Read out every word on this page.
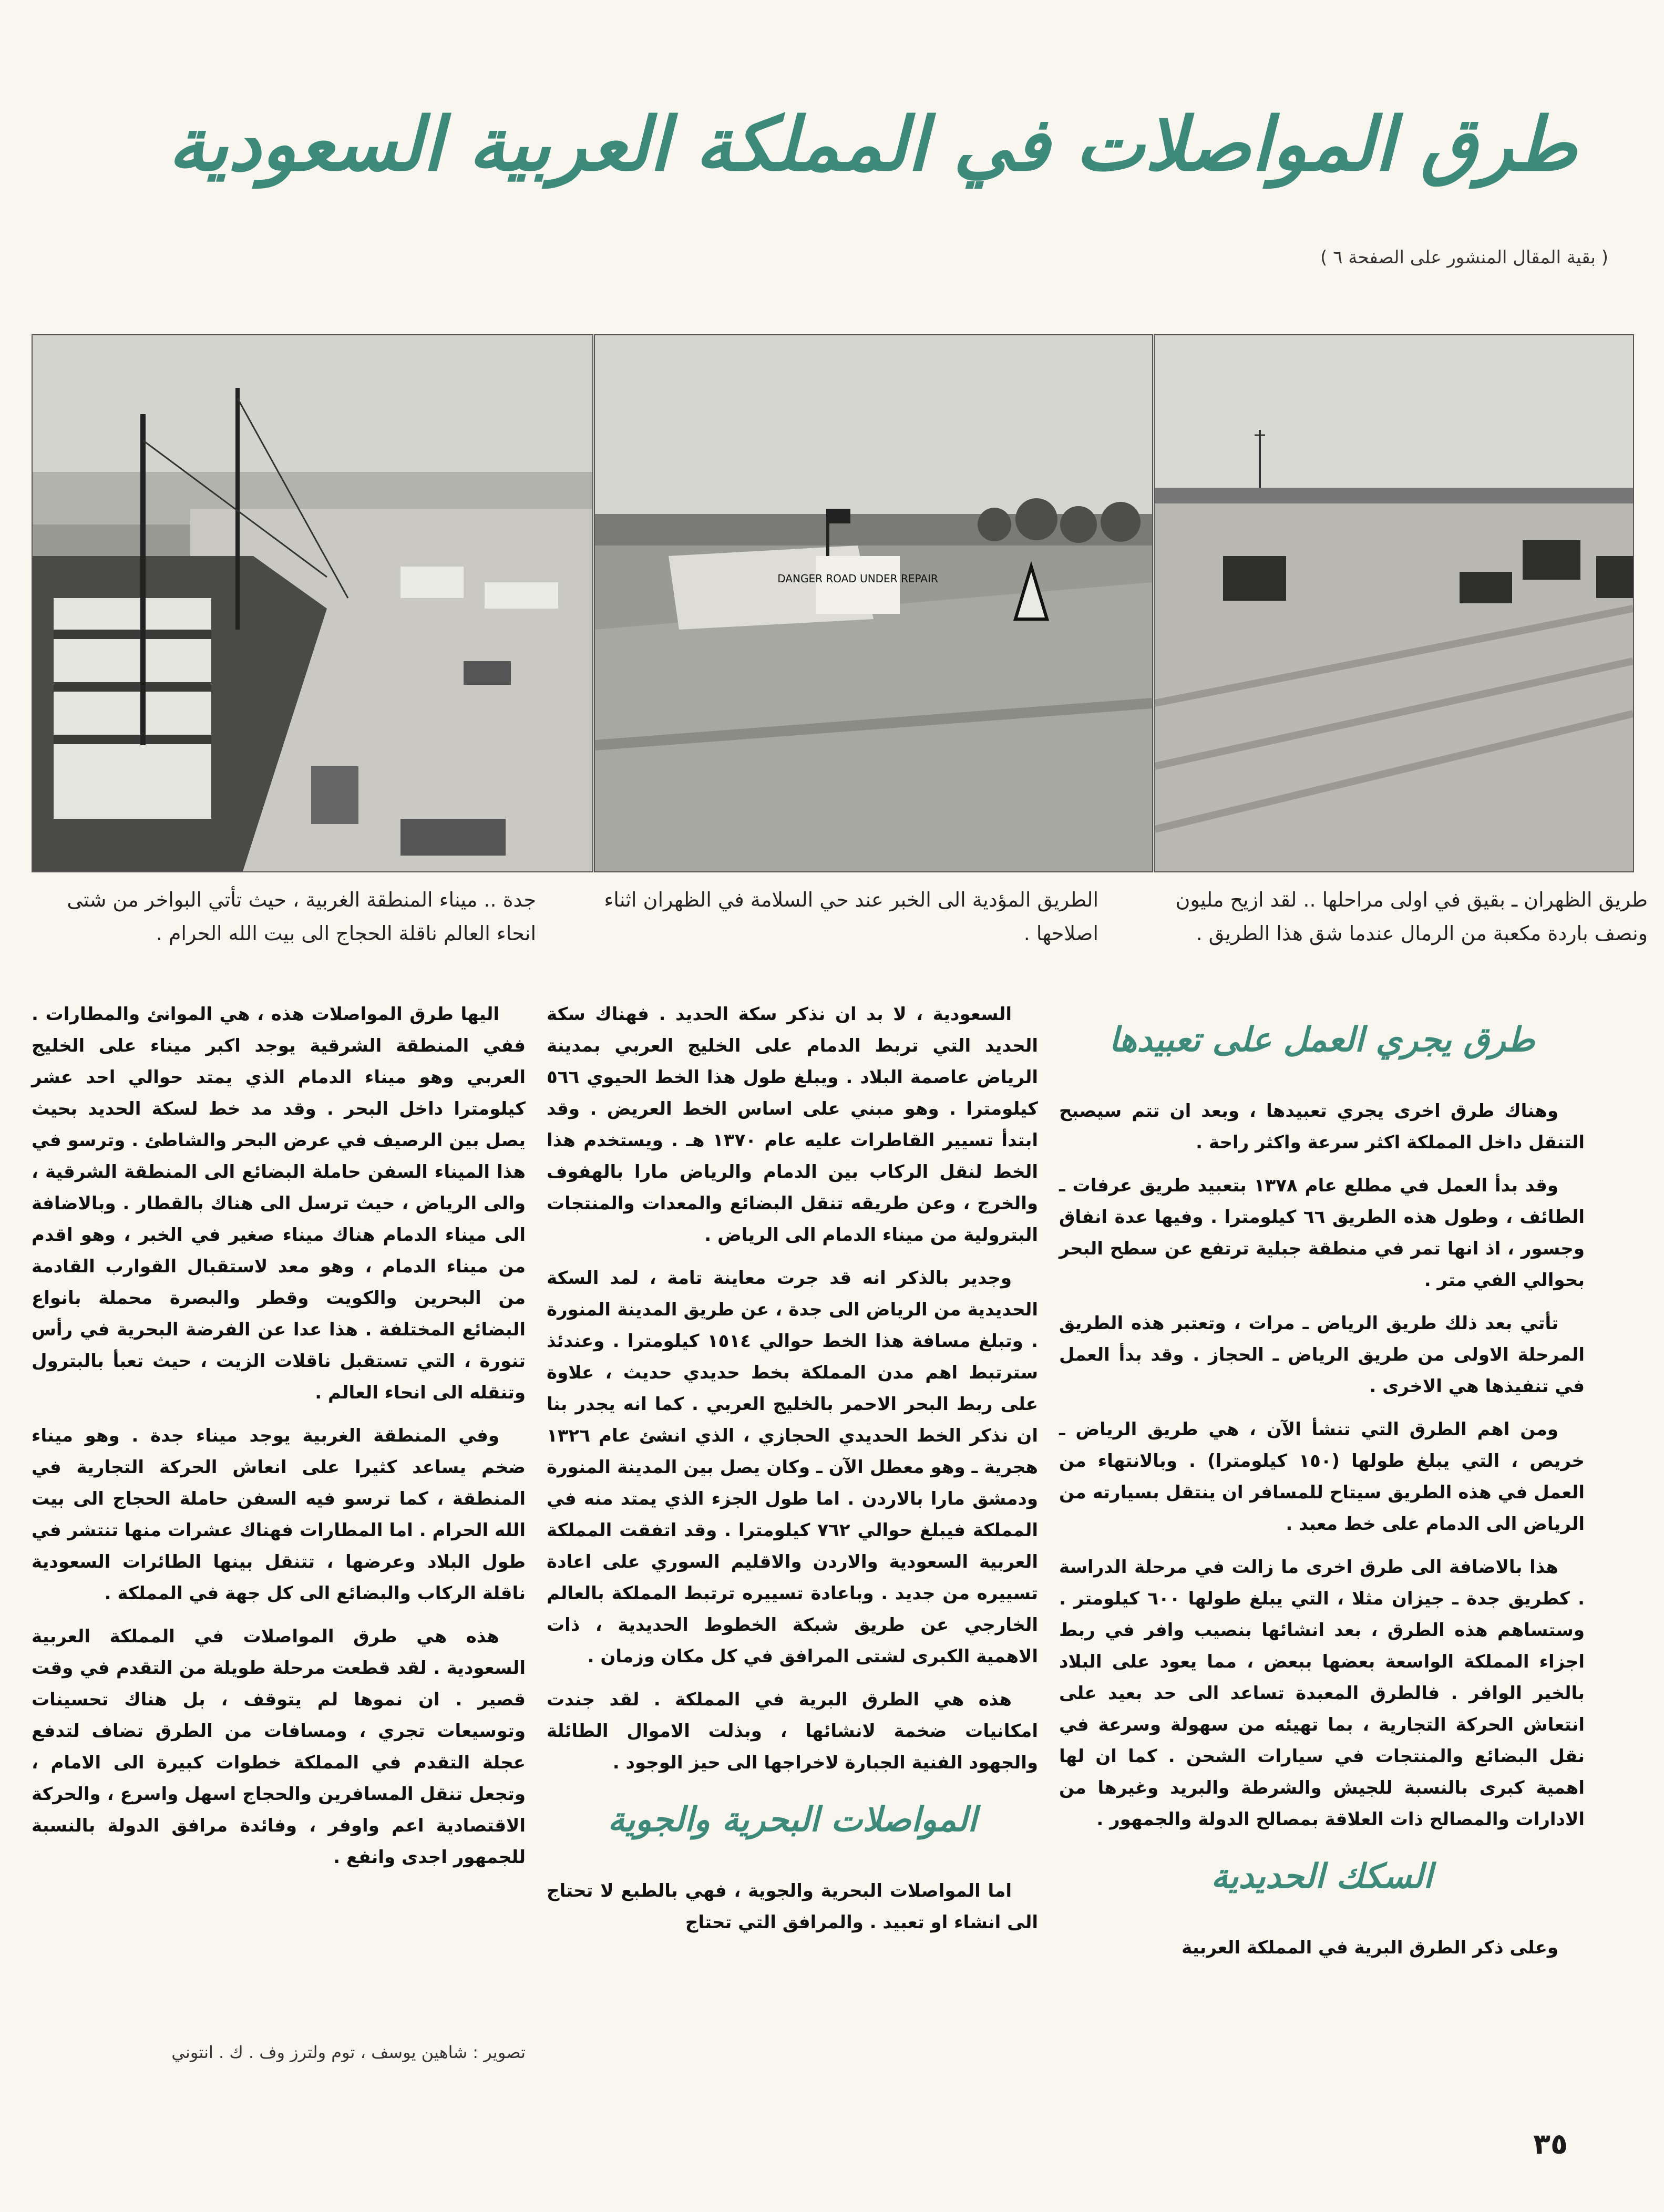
طرق المواصلات في المملكة العربية السعودية
( بقية المقال المنشور على الصفحة ٦ )
DANGER ROAD UNDER REPAIR
جدة .. ميناء المنطقة الغربية ، حيث تأتي البواخر من شتى انحاء العالم ناقلة الحجاج الى بيت الله الحرام .
الطريق المؤدية الى الخبر عند حي السلامة في الظهران اثناء اصلاحها .
طريق الظهران ـ بقيق في اولى مراحلها .. لقد ازيح مليون ونصف باردة مكعبة من الرمال عندما شق هذا الطريق .
طرق يجري العمل على تعبيدها

وهناك طرق اخرى يجري تعبيدها ، وبعد ان تتم سيصبح التنقل داخل المملكة اكثر سرعة واكثر راحة .

وقد بدأ العمل في مطلع عام ١٣٧٨ بتعبيد طريق عرفات ـ الطائف ، وطول هذه الطريق ٦٦ كيلومترا . وفيها عدة انفاق وجسور ، اذ انها تمر في منطقة جبلية ترتفع عن سطح البحر بحوالي الفي متر .

تأتي بعد ذلك طريق الرياض ـ مرات ، وتعتبر هذه الطريق المرحلة الاولى من طريق الرياض ـ الحجاز . وقد بدأ العمل في تنفيذها هي الاخرى .

ومن اهم الطرق التي تنشأ الآن ، هي طريق الرياض ـ خريص ، التي يبلغ طولها (١٥٠ كيلومترا) . وبالانتهاء من العمل في هذه الطريق سيتاح للمسافر ان ينتقل بسيارته من الرياض الى الدمام على خط معبد .

هذا بالاضافة الى طرق اخرى ما زالت في مرحلة الدراسة . كطريق جدة ـ جيزان مثلا ، التي يبلغ طولها ٦٠٠ كيلومتر . وستساهم هذه الطرق ، بعد انشائها بنصيب وافر في ربط اجزاء المملكة الواسعة بعضها ببعض ، مما يعود على البلاد بالخير الوافر . فالطرق المعبدة تساعد الى حد بعيد على انتعاش الحركة التجارية ، بما تهيئه من سهولة وسرعة في نقل البضائع والمنتجات في سيارات الشحن . كما ان لها اهمية كبرى بالنسبة للجيش والشرطة والبريد وغيرها من الادارات والمصالح ذات العلاقة بمصالح الدولة والجمهور .

السكك الحديدية

وعلى ذكر الطرق البرية في المملكة العربية

السعودية ، لا بد ان نذكر سكة الحديد . فهناك سكة الحديد التي تربط الدمام على الخليج العربي بمدينة الرياض عاصمة البلاد . ويبلغ طول هذا الخط الحيوي ٥٦٦ كيلومترا . وهو مبني على اساس الخط العريض . وقد ابتدأ تسيير القاطرات عليه عام ١٣٧٠ هـ . ويستخدم هذا الخط لنقل الركاب بين الدمام والرياض مارا بالهفوف والخرج ، وعن طريقه تنقل البضائع والمعدات والمنتجات البترولية من ميناء الدمام الى الرياض .

وجدير بالذكر انه قد جرت معاينة تامة ، لمد السكة الحديدية من الرياض الى جدة ، عن طريق المدينة المنورة . وتبلغ مسافة هذا الخط حوالي ١٥١٤ كيلومترا . وعندئذ سترتبط اهم مدن المملكة بخط حديدي حديث ، علاوة على ربط البحر الاحمر بالخليج العربي . كما انه يجدر بنا ان نذكر الخط الحديدي الحجازي ، الذي انشئ عام ١٣٢٦ هجرية ـ وهو معطل الآن ـ وكان يصل بين المدينة المنورة ودمشق مارا بالاردن . اما طول الجزء الذي يمتد منه في المملكة فيبلغ حوالي ٧٦٢ كيلومترا . وقد اتفقت المملكة العربية السعودية والاردن والاقليم السوري على اعادة تسييره من جديد . وباعادة تسييره ترتبط المملكة بالعالم الخارجي عن طريق شبكة الخطوط الحديدية ، ذات الاهمية الكبرى لشتى المرافق في كل مكان وزمان .

هذه هي الطرق البرية في المملكة . لقد جندت امكانيات ضخمة لانشائها ، وبذلت الاموال الطائلة والجهود الفنية الجبارة لاخراجها الى حيز الوجود .

المواصلات البحرية والجوية

اما المواصلات البحرية والجوية ، فهي بالطبع لا تحتاج الى انشاء او تعبيد . والمرافق التي تحتاج

اليها طرق المواصلات هذه ، هي الموانئ والمطارات . ففي المنطقة الشرقية يوجد اكبر ميناء على الخليج العربي وهو ميناء الدمام الذي يمتد حوالي احد عشر كيلومترا داخل البحر . وقد مد خط لسكة الحديد بحيث يصل بين الرصيف في عرض البحر والشاطئ . وترسو في هذا الميناء السفن حاملة البضائع الى المنطقة الشرقية ، والى الرياض ، حيث ترسل الى هناك بالقطار . وبالاضافة الى ميناء الدمام هناك ميناء صغير في الخبر ، وهو اقدم من ميناء الدمام ، وهو معد لاستقبال القوارب القادمة من البحرين والكويت وقطر والبصرة محملة بانواع البضائع المختلفة . هذا عدا عن الفرضة البحرية في رأس تنورة ، التي تستقبل ناقلات الزيت ، حيث تعبأ بالبترول وتنقله الى انحاء العالم .

وفي المنطقة الغربية يوجد ميناء جدة . وهو ميناء ضخم يساعد كثيرا على انعاش الحركة التجارية في المنطقة ، كما ترسو فيه السفن حاملة الحجاج الى بيت الله الحرام . اما المطارات فهناك عشرات منها تنتشر في طول البلاد وعرضها ، تتنقل بينها الطائرات السعودية ناقلة الركاب والبضائع الى كل جهة في المملكة .

هذه هي طرق المواصلات في المملكة العربية السعودية . لقد قطعت مرحلة طويلة من التقدم في وقت قصير . ان نموها لم يتوقف ، بل هناك تحسينات وتوسيعات تجري ، ومسافات من الطرق تضاف لتدفع عجلة التقدم في المملكة خطوات كبيرة الى الامام ، وتجعل تنقل المسافرين والحجاج اسهل واسرع ، والحركة الاقتصادية اعم واوفر ، وفائدة مرافق الدولة بالنسبة للجمهور اجدى وانفع .

تصوير : شاهين يوسف ، توم ولترز وف . ك . انتوني
٣٥
